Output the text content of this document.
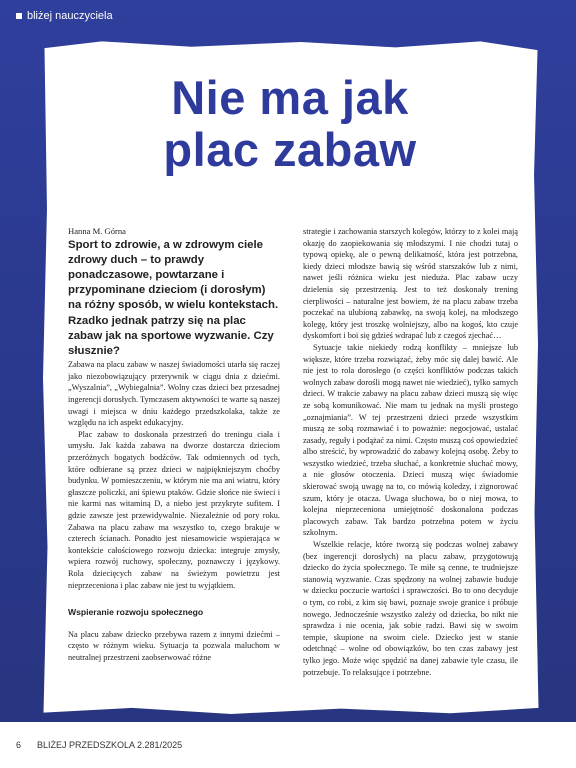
bliżej nauczyciela
Nie ma jak
plac zabaw

Hanna M. Górna

Sport to zdrowie, a w zdrowym ciele zdrowy duch – to prawdy ponadczasowe, powtarzane i przypominane dzieciom (i dorosłym) na różny sposób, w wielu kontekstach. Rzadko jednak patrzy się na plac zabaw jak na sportowe wyzwanie. Czy słusznie?

Zabawa na placu zabaw w naszej świadomości utarła się raczej jako niezobowiązujący przerywnik w ciągu dnia z dziećmi. „Wyszalnia”, „Wybiegalnia”. Wolny czas dzieci bez przesadnej ingerencji dorosłych. Tymczasem aktywności te warte są naszej uwagi i miejsca w dniu każdego przedszkolaka, także ze względu na ich aspekt edukacyjny.

Plac zabaw to doskonała przestrzeń do treningu ciała i umysłu. Jak każda zabawa na dworze dostarcza dzieciom przeróżnych bogatych bodźców. Tak odmiennych od tych, które odbierane są przez dzieci w najpiękniejszym choćby budynku. W pomieszczeniu, w którym nie ma ani wiatru, który głaszcze policzki, ani śpiewu ptaków. Gdzie słońce nie świeci i nie karmi nas witaminą D, a niebo jest przykryte sufitem. I gdzie zawsze jest przewidywalnie. Niezależnie od pory roku. Zabawa na placu zabaw ma wszystko to, czego brakuje w czterech ścianach. Ponadto jest niesamowicie wspierająca w kontekście całościowego rozwoju dziecka: integruje zmysły, wpiera rozwój ruchowy, społeczny, poznawczy i językowy. Rola dziecięcych zabaw na świeżym powietrzu jest nieprzeceniona i plac zabaw nie jest tu wyjątkiem.

Wspieranie rozwoju społecznego

Na placu zabaw dziecko przebywa razem z innymi dziećmi – często w różnym wieku. Sytuacja ta pozwala maluchom w neutralnej przestrzeni zaobserwować różne

strategie i zachowania starszych kolegów, którzy to z kolei mają okazję do zaopiekowania się młodszymi. I nie chodzi tutaj o typową opiekę, ale o pewną delikatność, która jest potrzebna, kiedy dzieci młodsze bawią się wśród starszaków lub z nimi, nawet jeśli różnica wieku jest nieduża. Plac zabaw uczy dzielenia się przestrzenią. Jest to też doskonały trening cierpliwości – naturalne jest bowiem, że na placu zabaw trzeba poczekać na ulubioną zabawkę, na swoją kolej, na młodszego kolegę, który jest troszkę wolniejszy, albo na kogoś, kto czuje dyskomfort i boi się gdzieś wdrapać lub z czegoś zjechać…

Sytuacje takie niekiedy rodzą konflikty – mniejsze lub większe, które trzeba rozwiązać, żeby móc się dalej bawić. Ale nie jest to rola dorosłego (o części konfliktów podczas takich wolnych zabaw dorośli mogą nawet nie wiedzieć), tylko samych dzieci. W trakcie zabawy na placu zabaw dzieci muszą się więc ze sobą komunikować. Nie mam tu jednak na myśli prostego „oznajmiania”. W tej przestrzeni dzieci przede wszystkim muszą ze sobą rozmawiać i to poważnie: negocjować, ustalać zasady, reguły i podążać za nimi. Często muszą coś opowiedzieć albo streścić, by wprowadzić do zabawy kolejną osobę. Żeby to wszystko wiedzieć, trzeba słuchać, a konkretnie słuchać mowy, a nie głosów otoczenia. Dzieci muszą więc świadomie skierować swoją uwagę na to, co mówią koledzy, i zignorować szum, który je otacza. Uwaga słuchowa, bo o niej mowa, to kolejna nieprzeceniona umiejętność doskonalona podczas placowych zabaw. Tak bardzo potrzebna potem w życiu szkolnym.

Wszelkie relacje, które tworzą się podczas wolnej zabawy (bez ingerencji dorosłych) na placu zabaw, przygotowują dziecko do życia społecznego. Te miłe są cenne, te trudniejsze stanowią wyzwanie. Czas spędzony na wolnej zabawie buduje w dziecku poczucie wartości i sprawczości. Bo to ono decyduje o tym, co robi, z kim się bawi, poznaje swoje granice i próbuje nowego. Jednocześnie wszystko zależy od dziecka, bo nikt nie sprawdza i nie ocenia, jak sobie radzi. Bawi się w swoim tempie, skupione na swoim ciele. Dziecko jest w stanie odetchnąć – wolne od obowiązków, bo ten czas zabawy jest tylko jego. Może więc spędzić na danej zabawie tyle czasu, ile potrzebuje. To relaksujące i potrzebne.

6 BLIŻEJ PRZEDSZKOLA 2.281/2025
